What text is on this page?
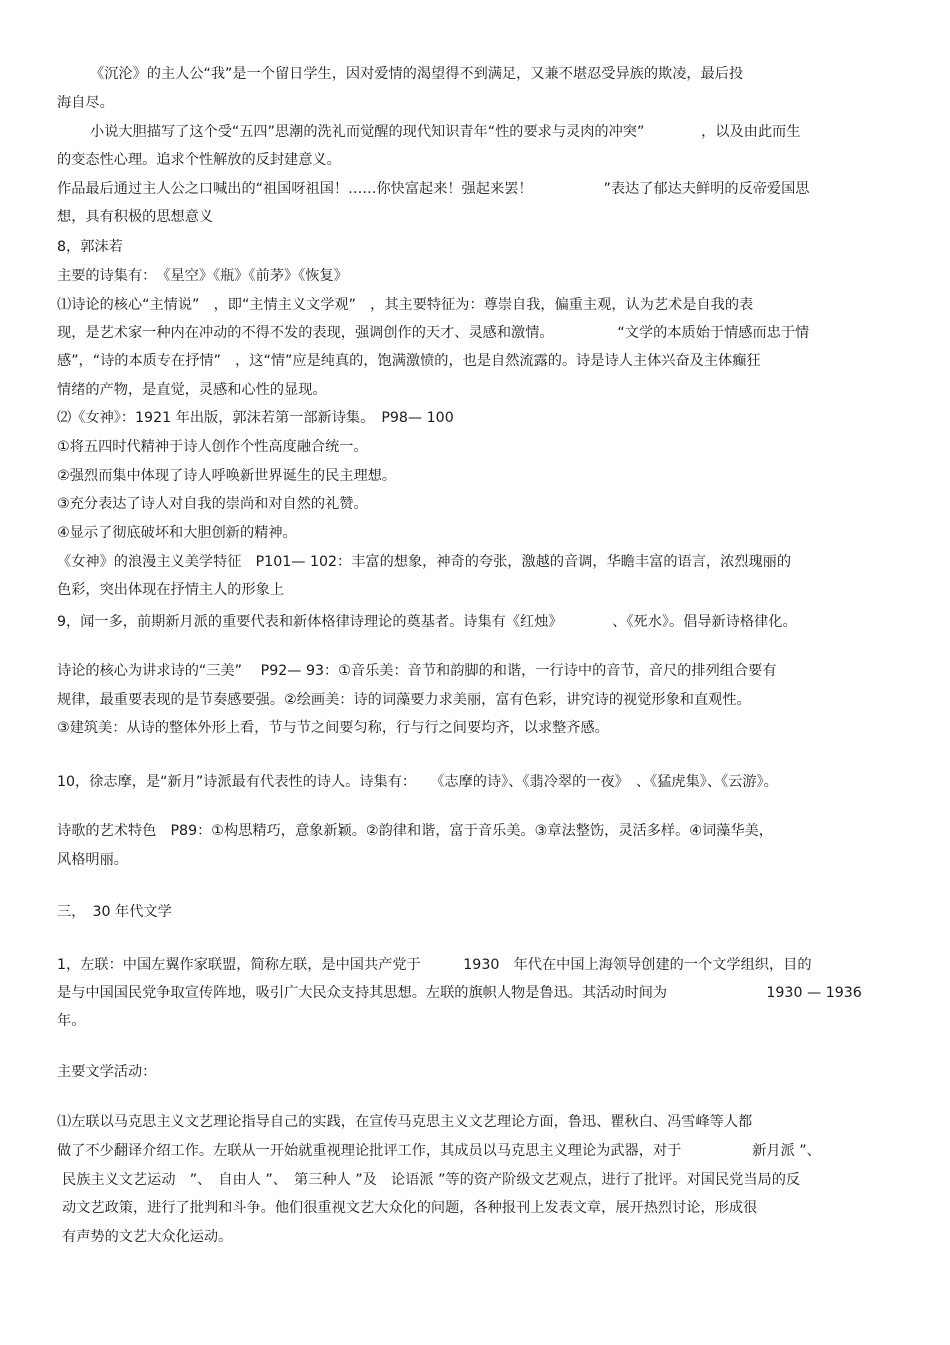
《沉沦》的主人公“我”是一个留日学生，因对爱情的渴望得不到满足，又兼不堪忍受异族的欺凌，最后投

海自尽。

小说大胆描写了这个受“五四”思潮的洗礼而觉醒的现代知识青年“性的要求与灵肉的冲突”　　　　，以及由此而生

的变态性心理。追求个性解放的反封建意义。

作品最后通过主人公之口喊出的“祖国呀祖国！……你快富起来！强起来罢！　　　　　”表达了郁达夫鲜明的反帝爱国思

想，具有积极的思想意义

8，郭沫若

主要的诗集有：　《星空》《瓶》《前茅》《恢复》

⑴诗论的核心“主情说”　，即“主情主义文学观”　，其主要特征为：尊崇自我，偏重主观，认为艺术是自我的表

现，是艺术家一种内在冲动的不得不发的表现，强调创作的天才、灵感和激情。　　　　　“文学的本质始于情感而忠于情

感”，“诗的本质专在抒情”　，这“情”应是纯真的，饱满激愤的，也是自然流露的。诗是诗人主体兴奋及主体癫狂

情绪的产物，是直觉，灵感和心性的显现。

⑵《女神》：1921 年出版，郭沫若第一部新诗集。　P98— 100

①将五四时代精神于诗人创作个性高度融合统一。

②强烈而集中体现了诗人呼唤新世界诞生的民主理想。

③充分表达了诗人对自我的崇尚和对自然的礼赞。

④显示了彻底破坏和大胆创新的精神。

《女神》的浪漫主义美学特征　P101— 102：丰富的想象，神奇的夸张，激越的音调，华瞻丰富的语言，浓烈瑰丽的

色彩，突出体现在抒情主人的形象上

9，闻一多，前期新月派的重要代表和新体格律诗理论的奠基者。诗集有《红烛》　　　　、《死水》。倡导新诗格律化。

诗论的核心为讲求诗的“三美”　 P92— 93：①音乐美：音节和韵脚的和谐，一行诗中的音节，音尺的排列组合要有

规律，最重要表现的是节奏感要强。②绘画美：诗的词藻要力求美丽，富有色彩，讲究诗的视觉形象和直观性。

③建筑美：从诗的整体外形上看，节与节之间要匀称，行与行之间要均齐，以求整齐感。

10，徐志摩，是“新月”诗派最有代表性的诗人。诗集有：　　《志摩的诗》、《翡冷翠的一夜》　、《猛虎集》、《云游》。

诗歌的艺术特色　P89：①构思精巧，意象新颖。②韵律和谐，富于音乐美。③章法整饬，灵活多样。④词藻华美，

风格明丽。

三，　30 年代文学

1，左联：中国左翼作家联盟，简称左联，是中国共产党于　　　1930　年代在中国上海领导创建的一个文学组织，目的

是与中国国民党争取宣传阵地，吸引广大民众支持其思想。左联的旗帜人物是鲁迅。其活动时间为　　　　　　　1930 — 1936

年。

主要文学活动：

⑴左联以马克思主义文艺理论指导自己的实践，在宣传马克思主义文艺理论方面，鲁迅、瞿秋白、冯雪峰等人都

做了不少翻译介绍工作。左联从一开始就重视理论批评工作，其成员以马克思主义理论为武器，对于　　　　　新月派 ”、

民族主义文艺运动　”、　自由人 ”、　第三种人 ”及　论语派 ”等的资产阶级文艺观点，进行了批评。对国民党当局的反

动文艺政策，进行了批判和斗争。他们很重视文艺大众化的问题，各种报刊上发表文章，展开热烈讨论，形成很

有声势的文艺大众化运动。
